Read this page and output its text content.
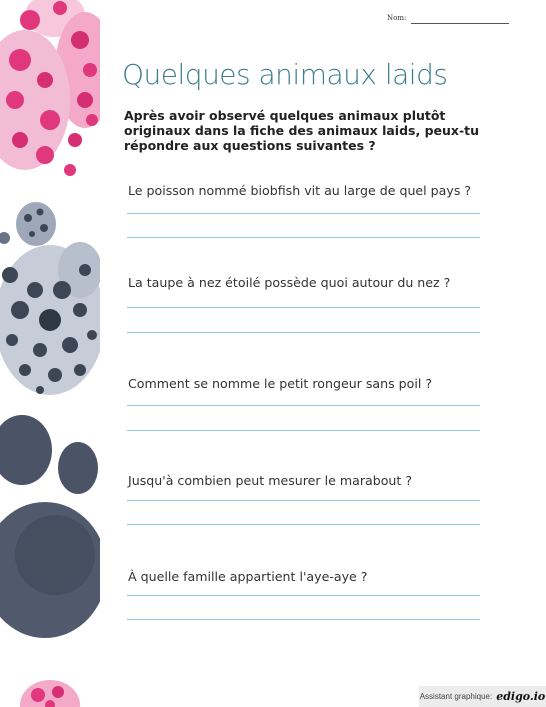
Nom:
Quelques animaux laids
Après avoir observé quelques animaux plutôt originaux dans la fiche des animaux laids, peux-tu répondre aux questions suivantes ?
Le poisson nommé biobfish vit au large de quel pays ?
La taupe à nez étoilé possède quoi autour du nez ?
Comment se nomme le petit rongeur sans poil ?
Jusqu'à combien peut mesurer le marabout ?
À quelle famille appartient l'aye-aye ?
Assistant graphique: edigo.io
